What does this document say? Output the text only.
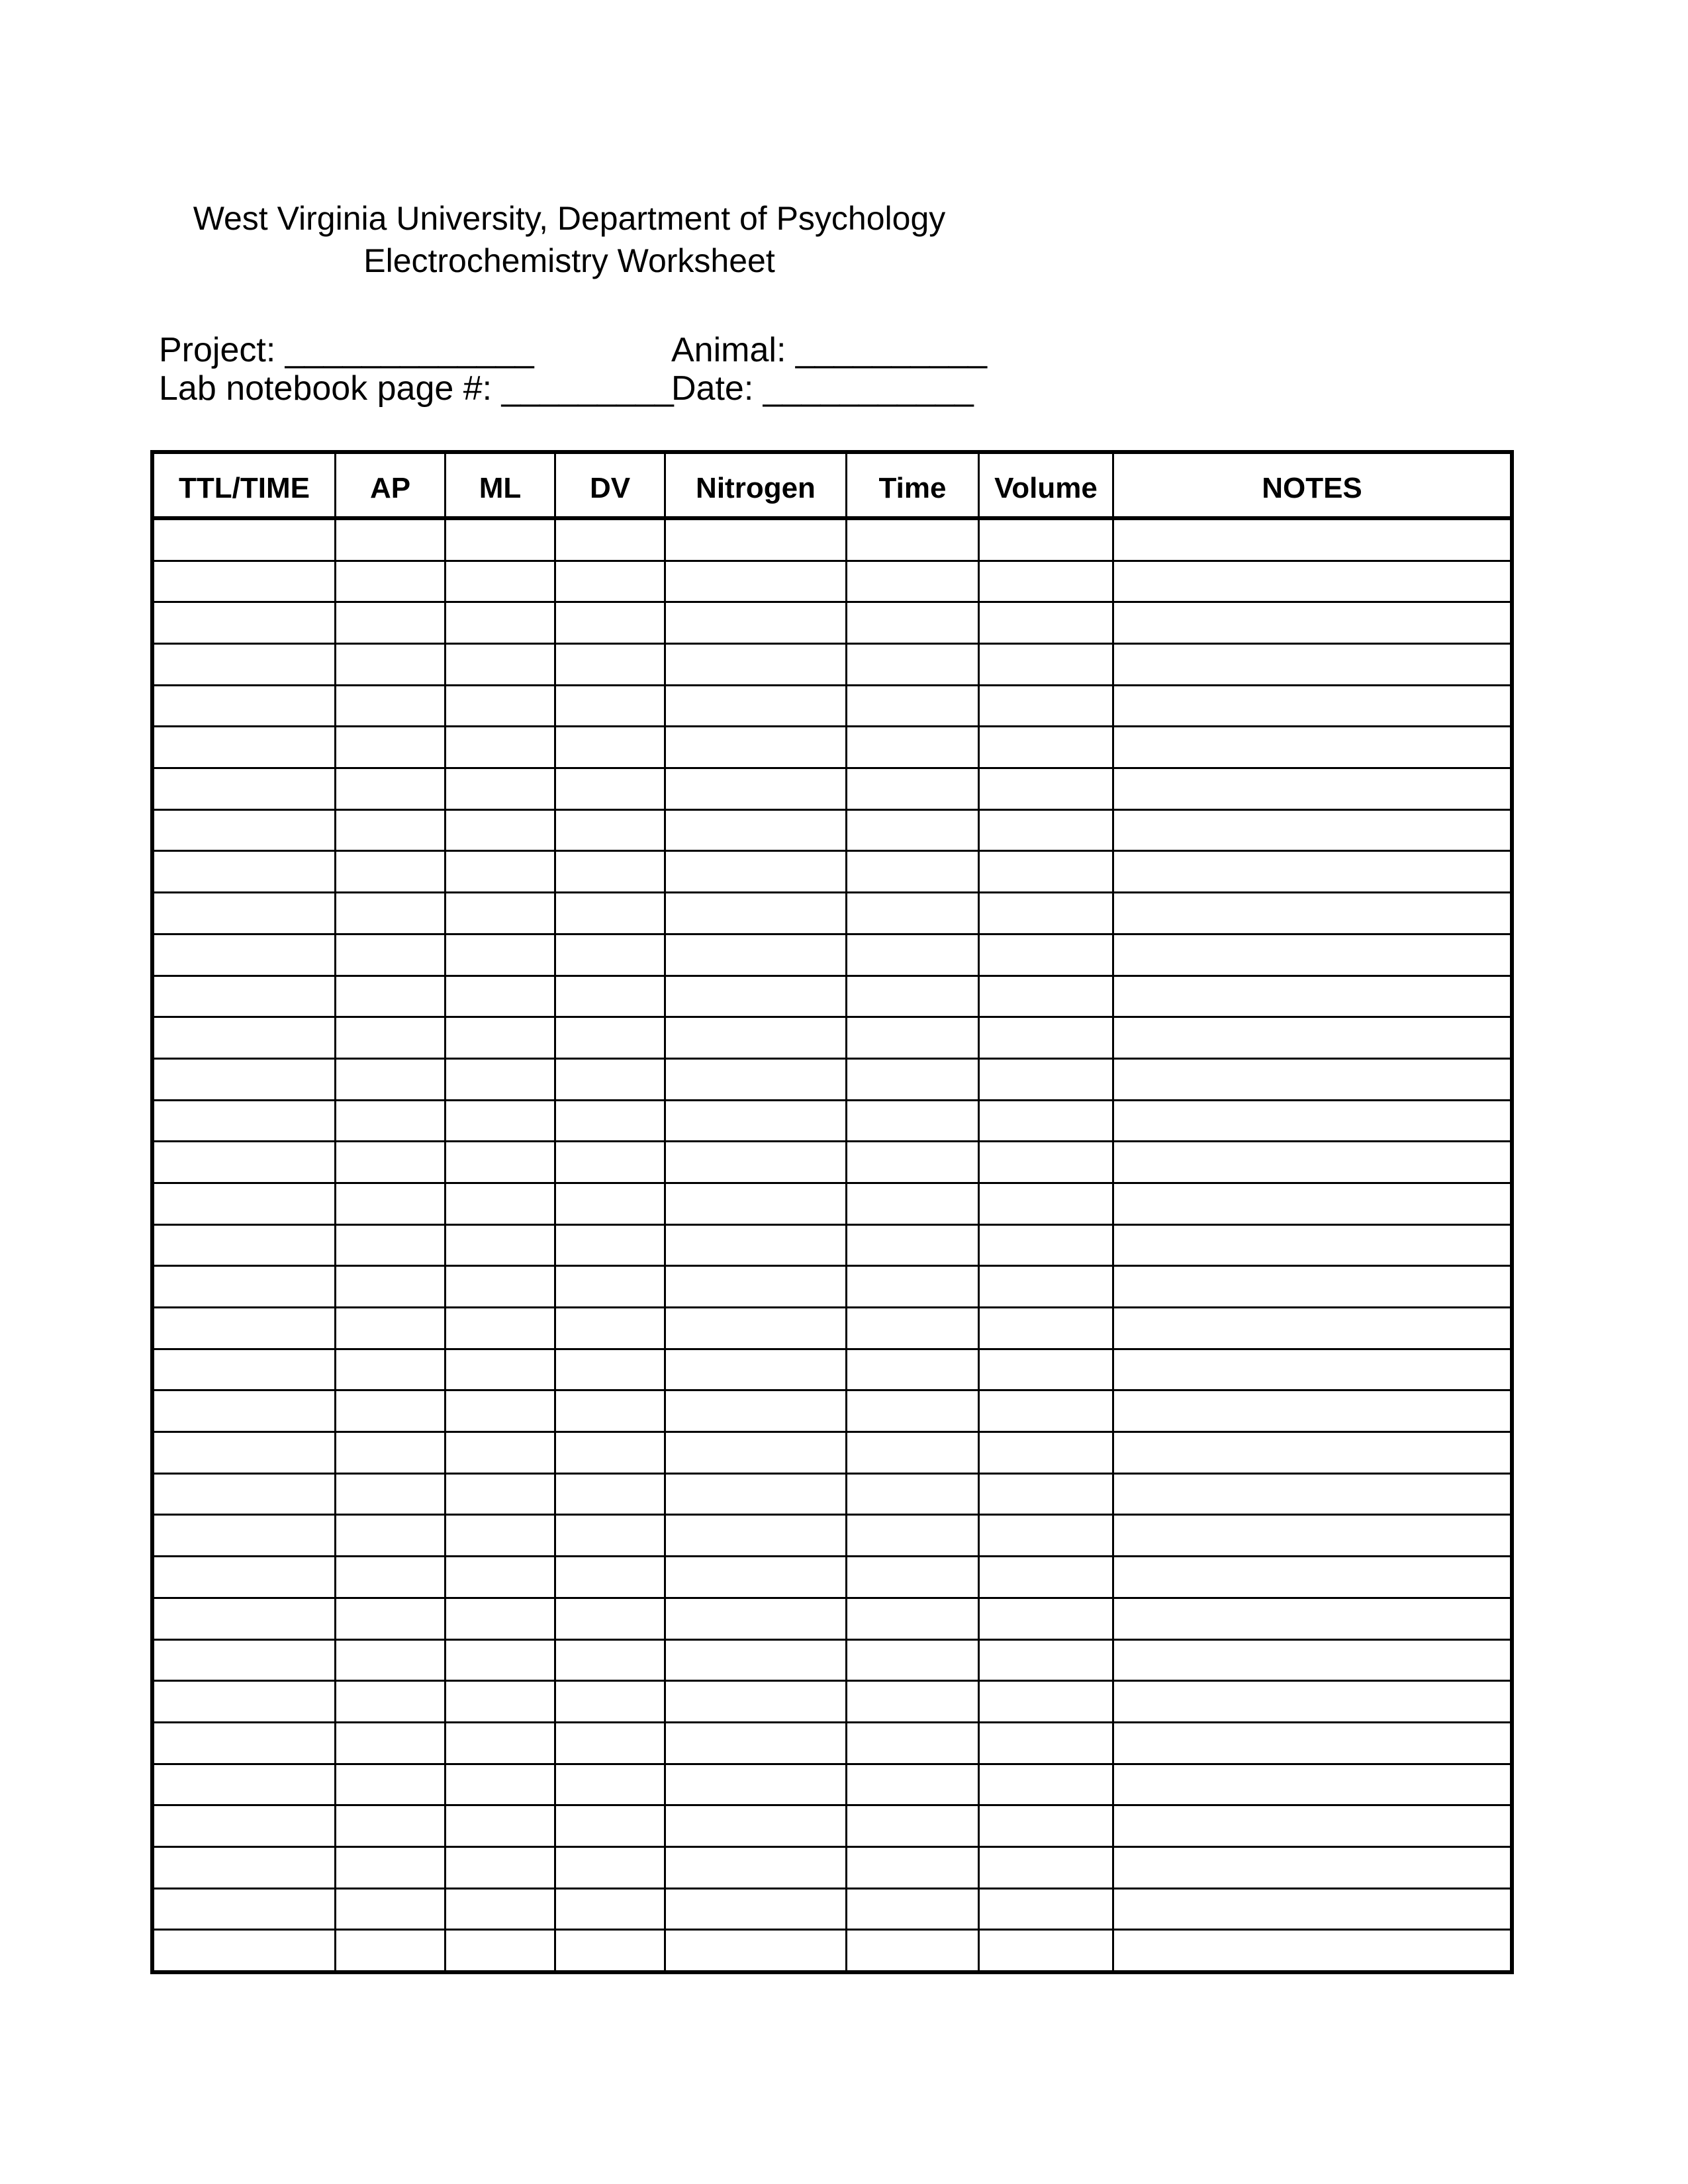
West Virginia University, Department of Psychology
Electrochemistry Worksheet
Project: _____________	Animal: __________
Lab notebook page #: _________
Date: ___________
TTL/TIME	AP	ML	DV	Nitrogen	Time	Volume	NOTES
